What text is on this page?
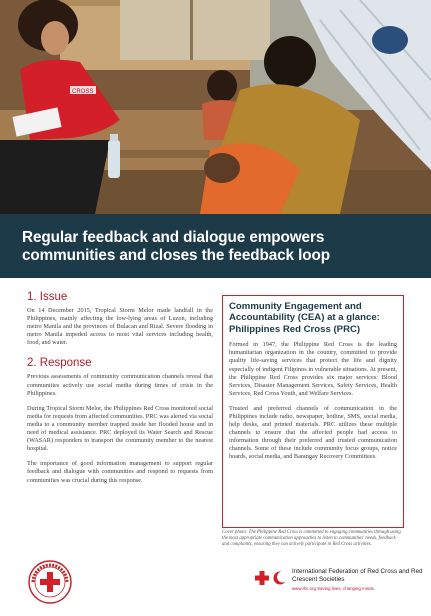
CROSS
Regular feedback and dialogue empowers communities and closes the feedback loop
1. Issue

On 14 December 2015, Tropical Storm Melor made landfall in the Philippines, mainly affecting the low-lying areas of Luzon, including metro Manila and the provinces of Bulacan and Rizal. Severe flooding in metro Manila impeded access to most vital services including health, food, and water.

2. Response

Previous assessments of community communication channels reveal that communities actively use social media during times of crisis in the Philippines.

During Tropical Storm Melor, the Philippines Red Cross monitored social media for requests from affected communities. PRC was alerted via social media to a community member trapped inside her flooded house and in need of medical assistance. PRC deployed its Water Search and Rescue (WASAR) responders to transport the community member to the nearest hospital.

The importance of good information management to support regular feedback and dialogue with communities and respond to requests from communities was crucial during this response.

Community Engagement and Accountability (CEA) at a glance: Philippines Red Cross (PRC)

Formed in 1947, the Philippine Red Cross is the leading humanitarian organization in the country, committed to provide quality life-saving services that protect the life and dignity especially of indigent Filipinos in vulnerable situations. At present, the Philippine Red Cross provides six major services: Blood Services, Disaster Management Services, Safety Services, Health Services, Red Cross Youth, and Welfare Services.

Trusted and preferred channels of communication in the Philippines include radio, newspaper, hotline, SMS, social media, help desks, and printed materials. PRC utilizes these multiple channels to ensure that the affected people had access to information through their preferred and trusted communication channels. Some of these include community focus groups, notice boards, social media, and Barangay Recovery Committees.

Cover photo: The Philippine Red Cross is committed to engaging communities through using the most appropriate communication approaches to listen to communities' needs, feedback and complaints, ensuring they can actively participate in Red Cross activities.
International Federation of Red Cross and Red Crescent Societies
www.ifrc.org Saving lives, changing minds.
